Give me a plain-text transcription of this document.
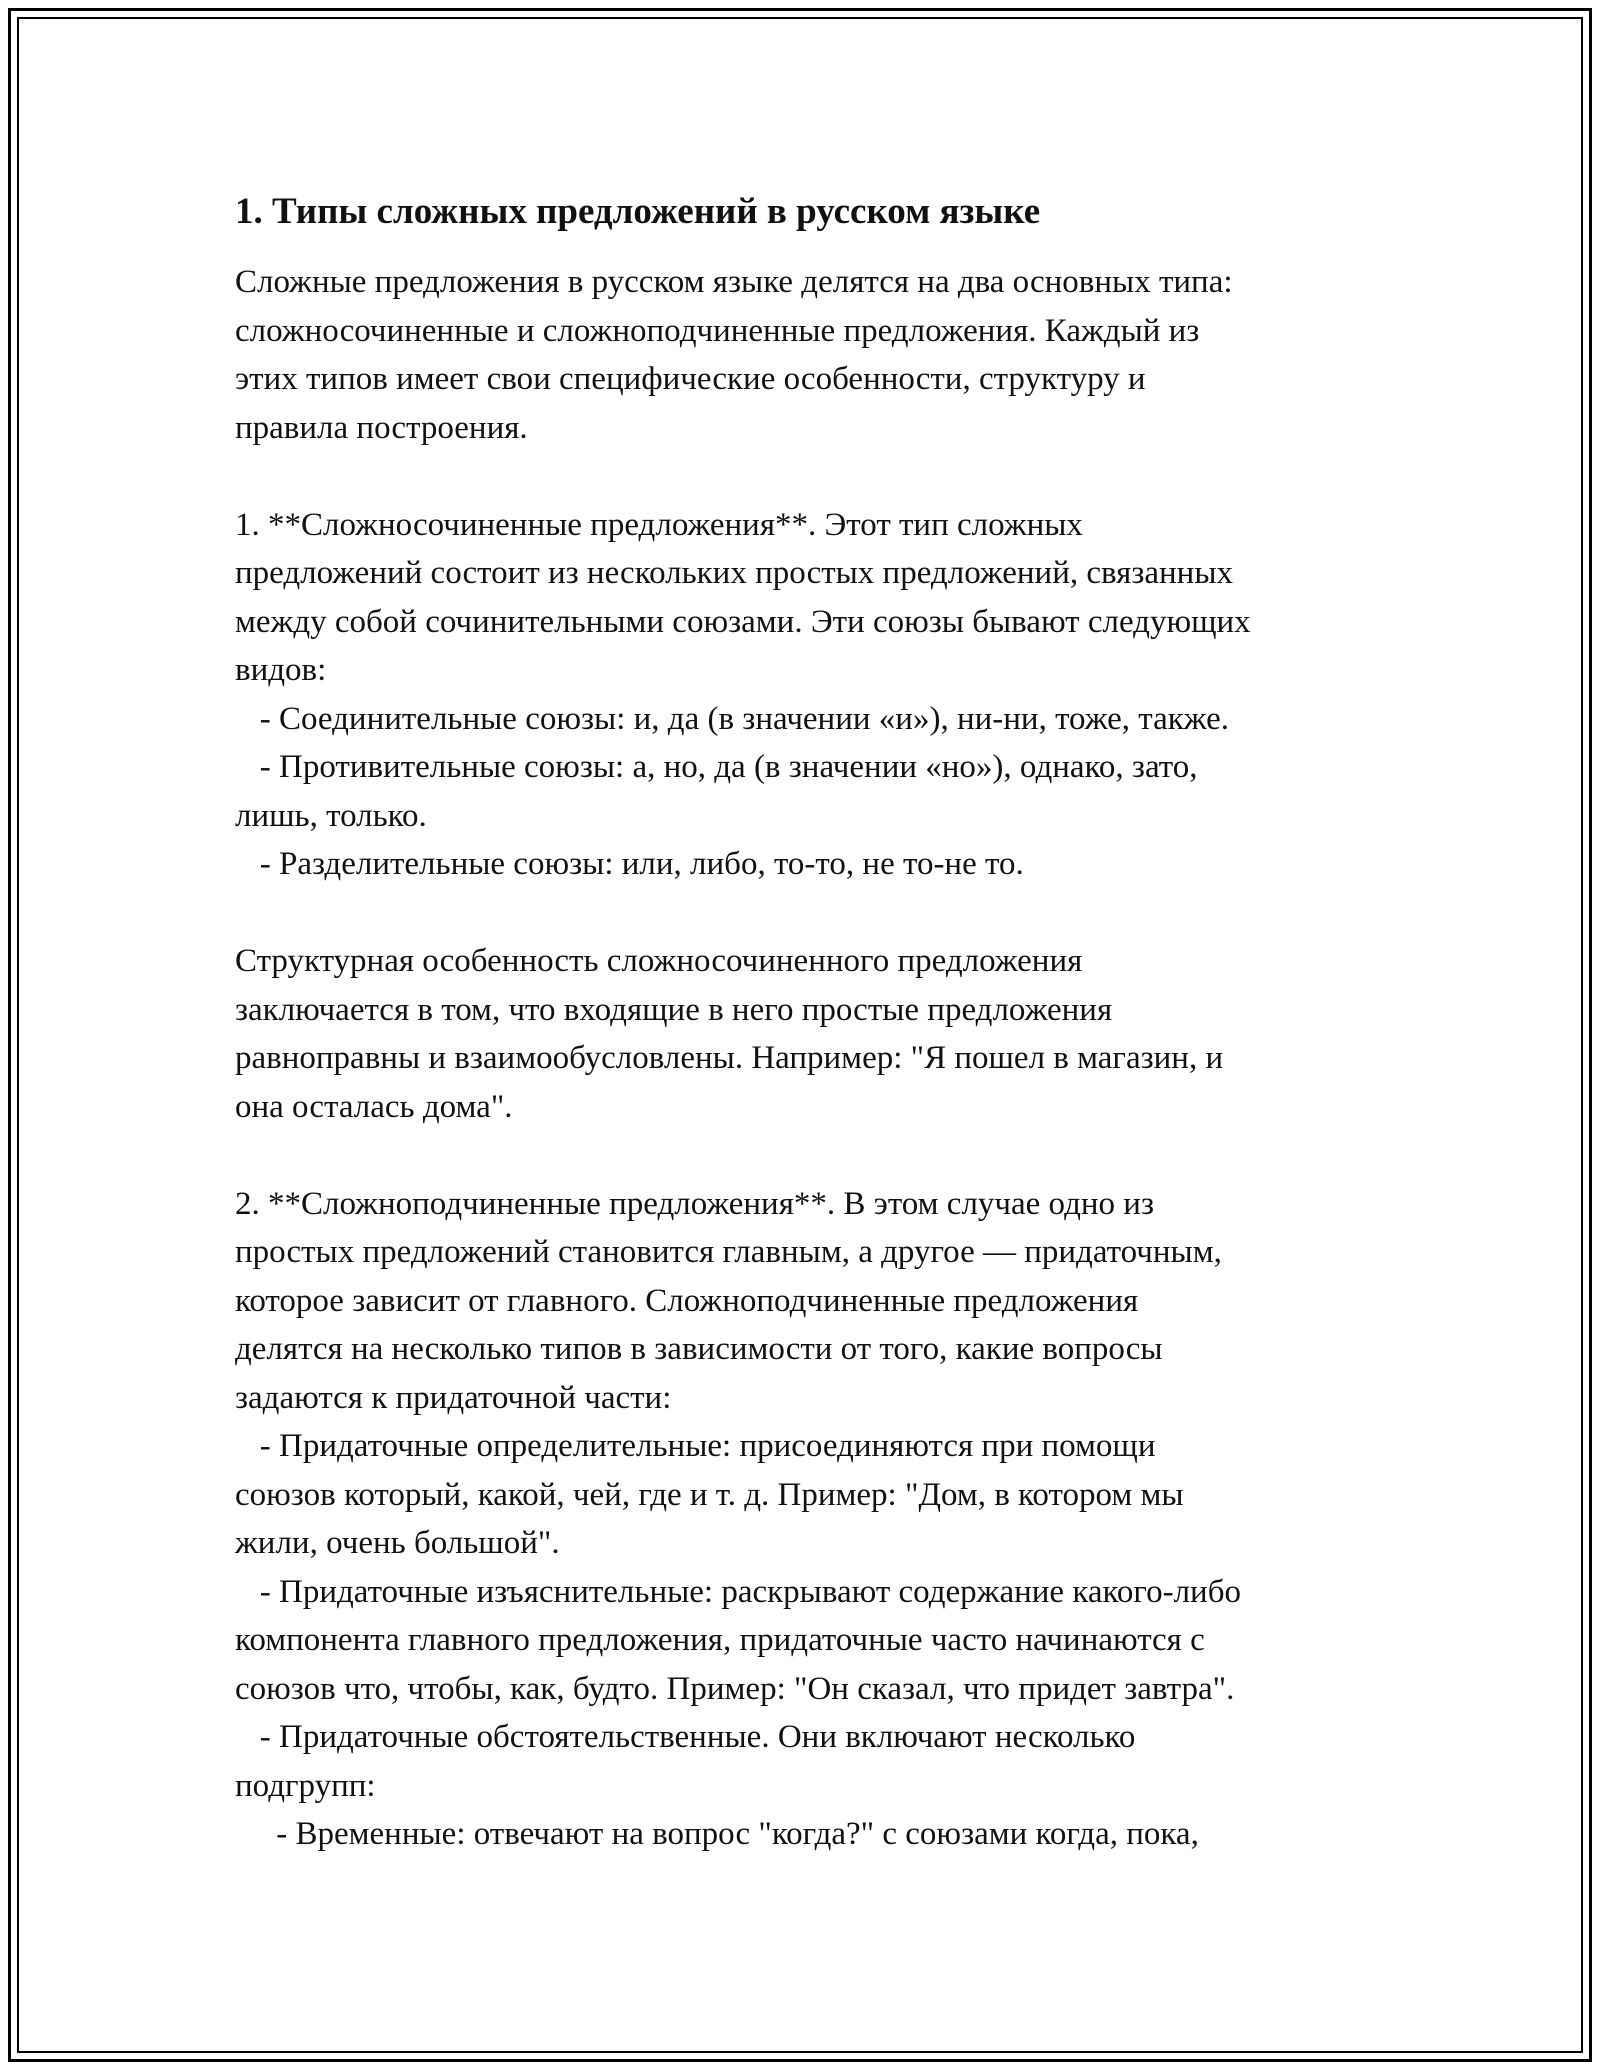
1. Типы сложных предложений в русском языке

Сложные предложения в русском языке делятся на два основных типа:
сложносочиненные и сложноподчиненные предложения. Каждый из
этих типов имеет свои специфические особенности, структуру и
правила построения.

1. **Сложносочиненные предложения**. Этот тип сложных
предложений состоит из нескольких простых предложений, связанных
между собой сочинительными союзами. Эти союзы бывают следующих
видов:
- Соединительные союзы: и, да (в значении «и»), ни-ни, тоже, также.
- Противительные союзы: а, но, да (в значении «но»), однако, зато,
лишь, только.
- Разделительные союзы: или, либо, то-то, не то-не то.

Структурная особенность сложносочиненного предложения
заключается в том, что входящие в него простые предложения
равноправны и взаимообусловлены. Например: "Я пошел в магазин, и
она осталась дома".

2. **Сложноподчиненные предложения**. В этом случае одно из
простых предложений становится главным, а другое — придаточным,
которое зависит от главного. Сложноподчиненные предложения
делятся на несколько типов в зависимости от того, какие вопросы
задаются к придаточной части:
- Придаточные определительные: присоединяются при помощи
союзов который, какой, чей, где и т. д. Пример: "Дом, в котором мы
жили, очень большой".
- Придаточные изъяснительные: раскрывают содержание какого-либо
компонента главного предложения, придаточные часто начинаются с
союзов что, чтобы, как, будто. Пример: "Он сказал, что придет завтра".
- Придаточные обстоятельственные. Они включают несколько
подгрупп:
- Временные: отвечают на вопрос "когда?" с союзами когда, пока,
